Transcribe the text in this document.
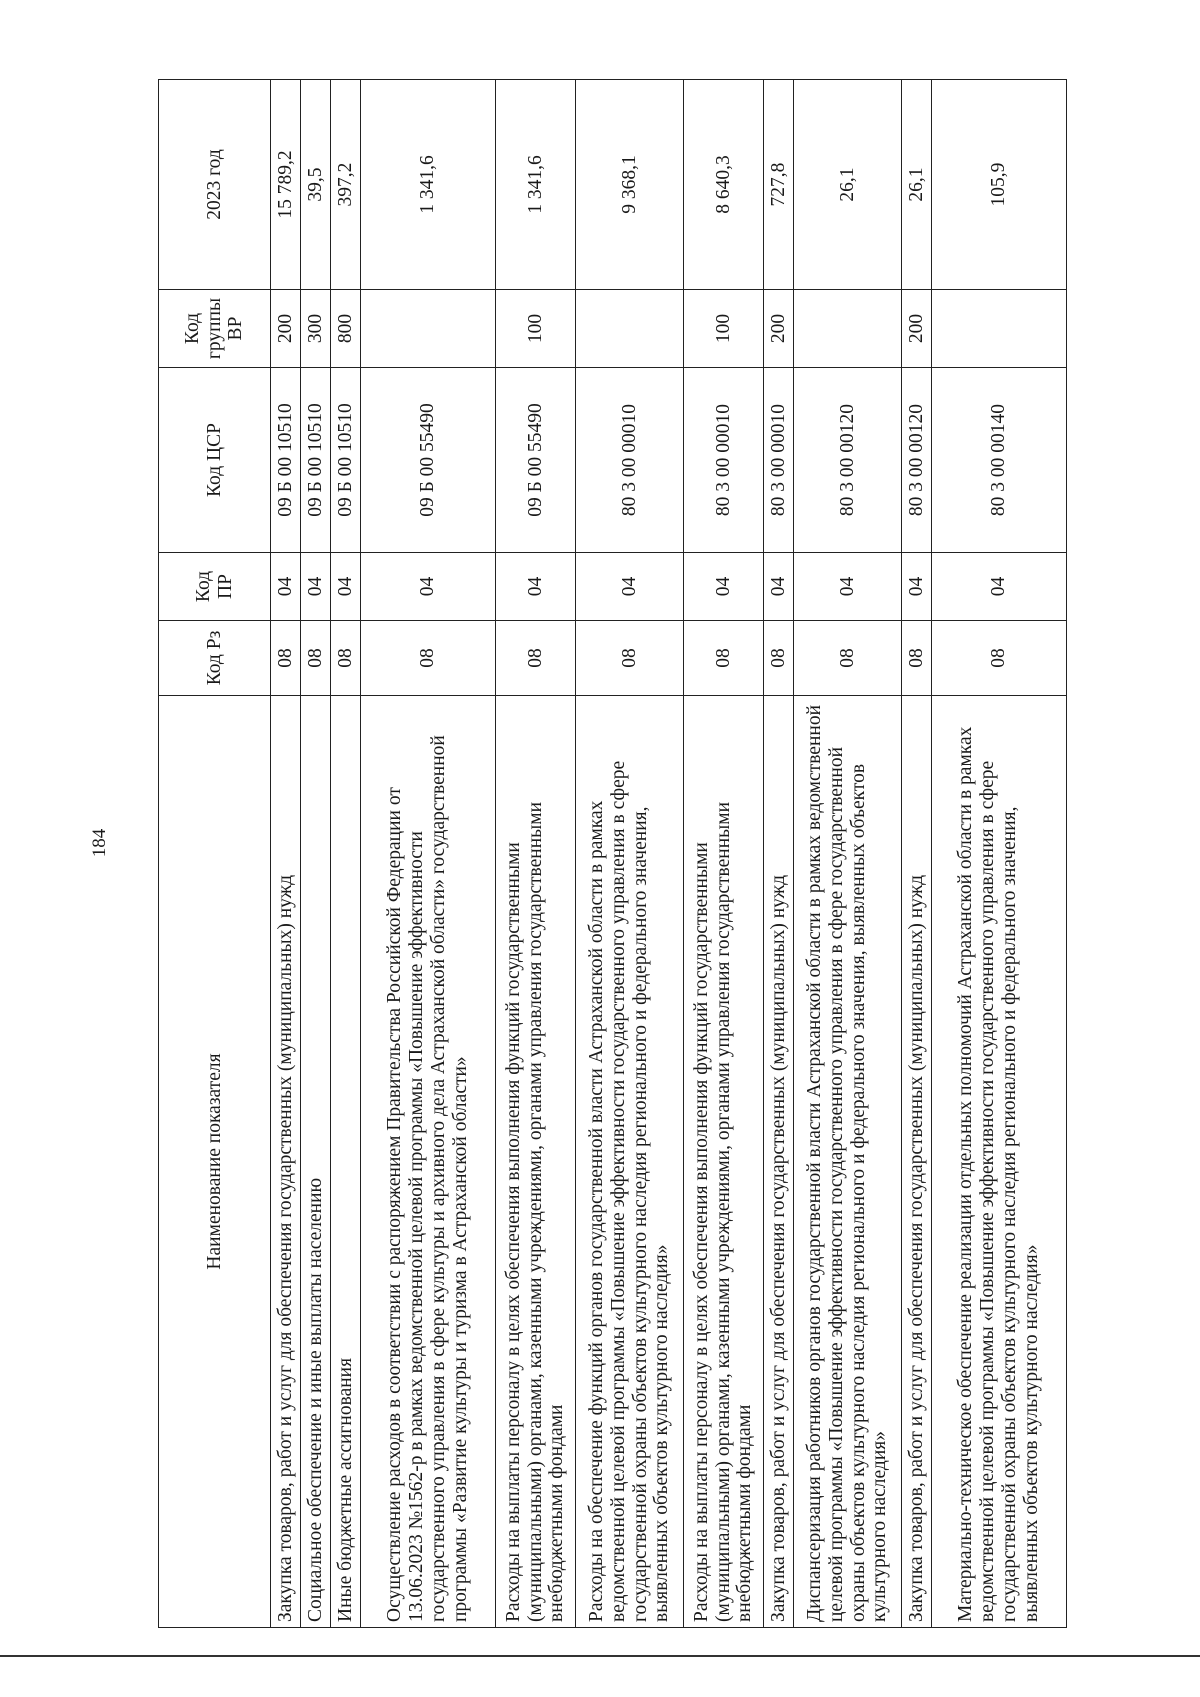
184
Наименование показателя	Код Рз	Код ПР	Код ЦСР	Код группы ВР	2023 год
Закупка товаров, работ и услуг для обеспечения государственных (муниципальных) нужд	08	04	09 Б 00 10510	200	15 789,2
Социальное обеспечение и иные выплаты населению	08	04	09 Б 00 10510	300	39,5
Иные бюджетные ассигнования	08	04	09 Б 00 10510	800	397,2
Осуществление расходов в соответствии с распоряжением Правительства Российской Федерации от 13.06.2023 №1562-р в рамках ведомственной целевой программы «Повышение эффективности государственного управления в сфере культуры и архивного дела Астраханской области» государственной программы «Развитие культуры и туризма в Астраханской области»	08	04	09 Б 00 55490		1 341,6
Расходы на выплаты персоналу в целях обеспечения выполнения функций государственными (муниципальными) органами, казенными учреждениями, органами управления государственными внебюджетными фондами	08	04	09 Б 00 55490	100	1 341,6
Расходы на обеспечение функций органов государственной власти Астраханской области в рамках ведомственной целевой программы «Повышение эффективности государственного управления в сфере государственной охраны объектов культурного наследия регионального и федерального значения, выявленных объектов культурного наследия»	08	04	80 3 00 00010		9 368,1
Расходы на выплаты персоналу в целях обеспечения выполнения функций государственными (муниципальными) органами, казенными учреждениями, органами управления государственными внебюджетными фондами	08	04	80 3 00 00010	100	8 640,3
Закупка товаров, работ и услуг для обеспечения государственных (муниципальных) нужд	08	04	80 3 00 00010	200	727,8
Диспансеризация работников органов государственной власти Астраханской области в рамках ведомственной целевой программы «Повышение эффективности государственного управления в сфере государственной охраны объектов культурного наследия регионального и федерального значения, выявленных объектов культурного наследия»	08	04	80 3 00 00120		26,1
Закупка товаров, работ и услуг для обеспечения государственных (муниципальных) нужд	08	04	80 3 00 00120	200	26,1
Материально-техническое обеспечение реализации отдельных полномочий Астраханской области в рамках ведомственной целевой программы «Повышение эффективности государственного управления в сфере государственной охраны объектов культурного наследия регионального и федерального значения, выявленных объектов культурного наследия»	08	04	80 3 00 00140		105,9
